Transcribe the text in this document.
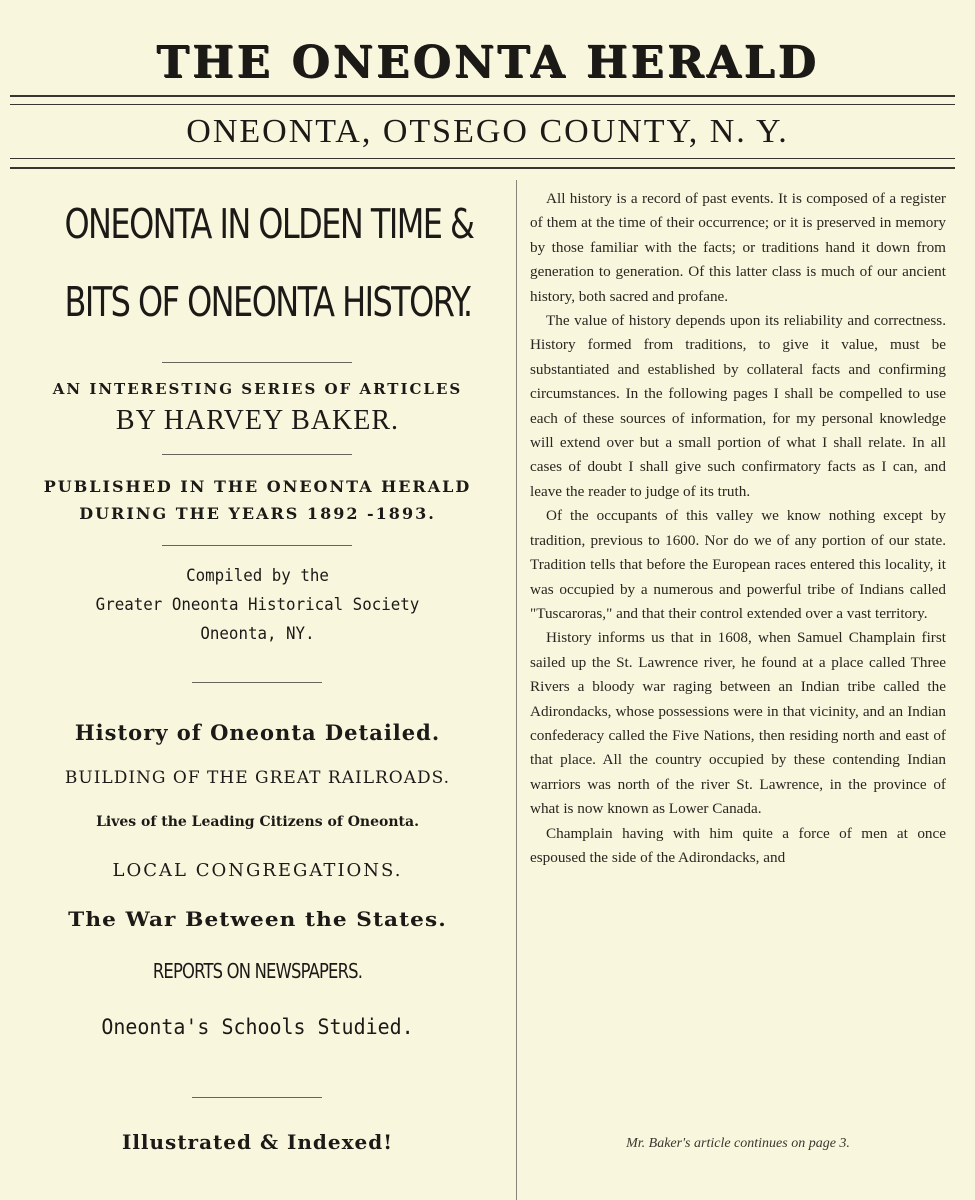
THE ONEONTA HERALD
ONEONTA, OTSEGO COUNTY, N. Y.
ONEONTA IN OLDEN TIME &
BITS OF ONEONTA HISTORY.
AN INTERESTING SERIES OF ARTICLES
BY HARVEY BAKER.
PUBLISHED IN THE ONEONTA HERALD
DURING THE YEARS 1892 -1893.
Compiled by the
Greater Oneonta Historical Society
Oneonta, NY.
History of Oneonta Detailed.
BUILDING OF THE GREAT RAILROADS.
Lives of the Leading Citizens of Oneonta.
LOCAL CONGREGATIONS.
The War Between the States.
REPORTS ON NEWSPAPERS.
Oneonta's Schools Studied.
Illustrated & Indexed!

All history is a record of past events. It is composed of a register of them at the time of their occurrence; or it is preserved in memory by those familiar with the facts; or traditions hand it down from generation to generation. Of this latter class is much of our ancient history, both sacred and profane.

The value of history depends upon its reliability and correctness. History formed from traditions, to give it value, must be substantiated and established by collateral facts and confirming circumstances. In the following pages I shall be compelled to use each of these sources of information, for my personal knowledge will extend over but a small portion of what I shall relate. In all cases of doubt I shall give such confirmatory facts as I can, and leave the reader to judge of its truth.

Of the occupants of this valley we know nothing except by tradition, previous to 1600. Nor do we of any portion of our state. Tradition tells that before the European races entered this locality, it was occupied by a numerous and powerful tribe of Indians called "Tuscaroras," and that their control extended over a vast territory.

History informs us that in 1608, when Samuel Champlain first sailed up the St. Lawrence river, he found at a place called Three Rivers a bloody war raging between an Indian tribe called the Adirondacks, whose possessions were in that vicinity, and an Indian confederacy called the Five Nations, then residing north and east of that place. All the country occupied by these contending Indian warriors was north of the river St. Lawrence, in the province of what is now known as Lower Canada.

Champlain having with him quite a force of men at once espoused the side of the Adirondacks, and

Mr. Baker's article continues on page 3.
